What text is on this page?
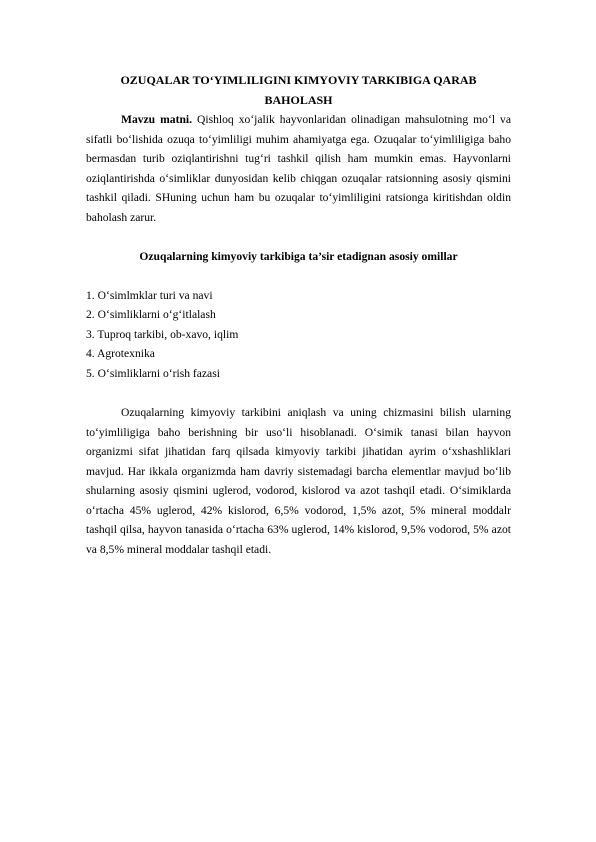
OZUQALAR TO‘YIMLILIGINI KIMYOVIY TARKIBIGA QARAB
BAHOLASH

Mavzu matni. Qishloq xo‘jalik hayvonlaridan olinadigan mahsulotning mo‘l va sifatli bo‘lishida ozuqa to‘yimliligi muhim ahamiyatga ega. Ozuqalar to‘yimliligiga baho bermasdan turib oziqlantirishni tug‘ri tashkil qilish ham mumkin emas. Hayvonlarni oziqlantirishda o‘simliklar dunyosidan kelib chiqgan ozuqalar ratsionning asosiy qismini tashkil qiladi. SHuning uchun ham bu ozuqalar to‘yimliligini ratsionga kiritishdan oldin baholash zarur.

Ozuqalarning kimyoviy tarkibiga ta’sir etadignan asosiy omillar

1. O‘simlmklar turi va navi
2. O‘simliklarni o‘g‘itlalash
3. Tuproq tarkibi, ob-xavo, iqlim
4. Agrotexnika
5. O‘simliklarni o‘rish fazasi

Ozuqalarning kimyoviy tarkibini aniqlash va uning chizmasini bilish ularning to‘yimliligiga baho berishning bir uso‘li hisoblanadi. O‘simik tanasi bilan hayvon organizmi sifat jihatidan farq qilsada kimyoviy tarkibi jihatidan ayrim o‘xshashliklari mavjud. Har ikkala organizmda ham davriy sistemadagi barcha elementlar mavjud bo‘lib shularning asosiy qismini uglerod, vodorod, kislorod va azot tashqil etadi. O‘simiklarda o‘rtacha 45% uglerod, 42% kislorod, 6,5% vodorod, 1,5% azot, 5% mineral moddalr tashqil qilsa, hayvon tanasida o‘rtacha 63% uglerod, 14% kislorod, 9,5% vodorod, 5% azot va 8,5% mineral moddalar tashqil etadi.
